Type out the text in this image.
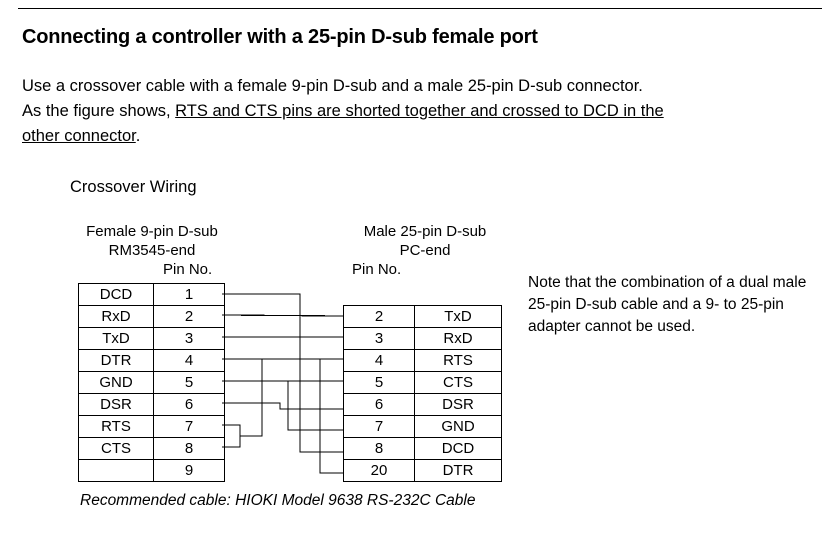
Connecting a controller with a 25-pin D-sub female port
Use a crossover cable with a female 9-pin D-sub and a male 25-pin D-sub connector.
As the figure shows, RTS and CTS pins are shorted together and crossed to DCD in the
other connector.
Crossover Wiring
Female 9-pin D-sub
RM3545-end
Pin No.
Male 25-pin D-sub
PC-end
Pin No.
DCD	1
RxD	2
TxD	3
DTR	4
GND	5
DSR	6
RTS	7
CTS	8
	9
2	TxD
3	RxD
4	RTS
5	CTS
6	DSR
7	GND
8	DCD
20	DTR
Note that the combination of a dual male 25-pin D-sub cable and a 9- to 25-pin adapter cannot be used.
Recommended cable: HIOKI Model 9638 RS-232C Cable
